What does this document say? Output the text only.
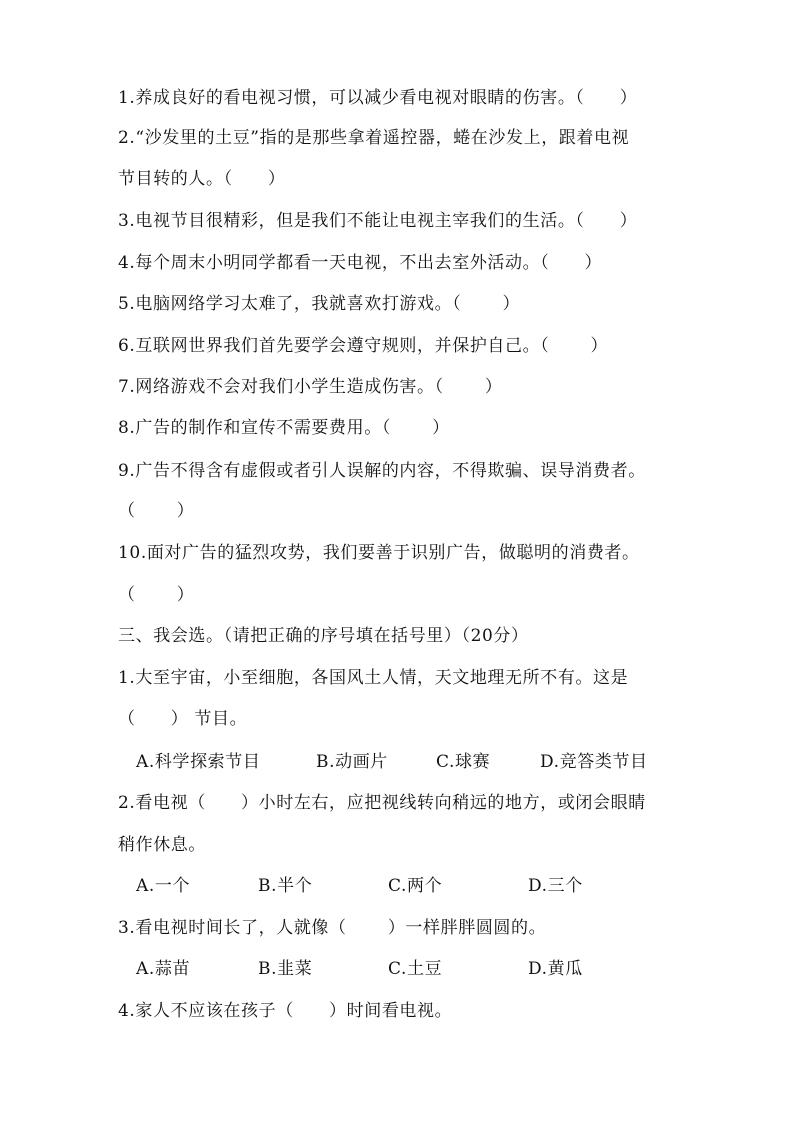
1.养成良好的看电视习惯，可以减少看电视对眼睛的伤害。（　　）
2.“沙发里的土豆”指的是那些拿着遥控器，蜷在沙发上，跟着电视
节目转的人。（　　）
3.电视节目很精彩，但是我们不能让电视主宰我们的生活。（　　）
4.每个周末小明同学都看一天电视，不出去室外活动。（　　）
5.电脑网络学习太难了，我就喜欢打游戏。（　　 ）
6.互联网世界我们首先要学会遵守规则，并保护自己。（　　 ）
7.网络游戏不会对我们小学生造成伤害。（　　 ）
8.广告的制作和宣传不需要费用。（　　 ）
9.广告不得含有虚假或者引人误解的内容，不得欺骗、误导消费者。
（　　 ）
10.面对广告的猛烈攻势，我们要善于识别广告，做聪明的消费者。
（　　 ）
三、我会选。（请把正确的序号填在括号里）（20分）
1.大至宇宙，小至细胞，各国风土人情，天文地理无所不有。这是
（　　） 节目。
A.科学探索节目	B.动画片	C.球赛	D.竞答类节目
2.看电视（　　）小时左右，应把视线转向稍远的地方，或闭会眼睛
稍作休息。
A.一个	B.半个	C.两个	D.三个
3.看电视时间长了，人就像（　　 ）一样胖胖圆圆的。
A.蒜苗	B.韭菜	C.土豆	D.黄瓜
4.家人不应该在孩子（　　）时间看电视。
